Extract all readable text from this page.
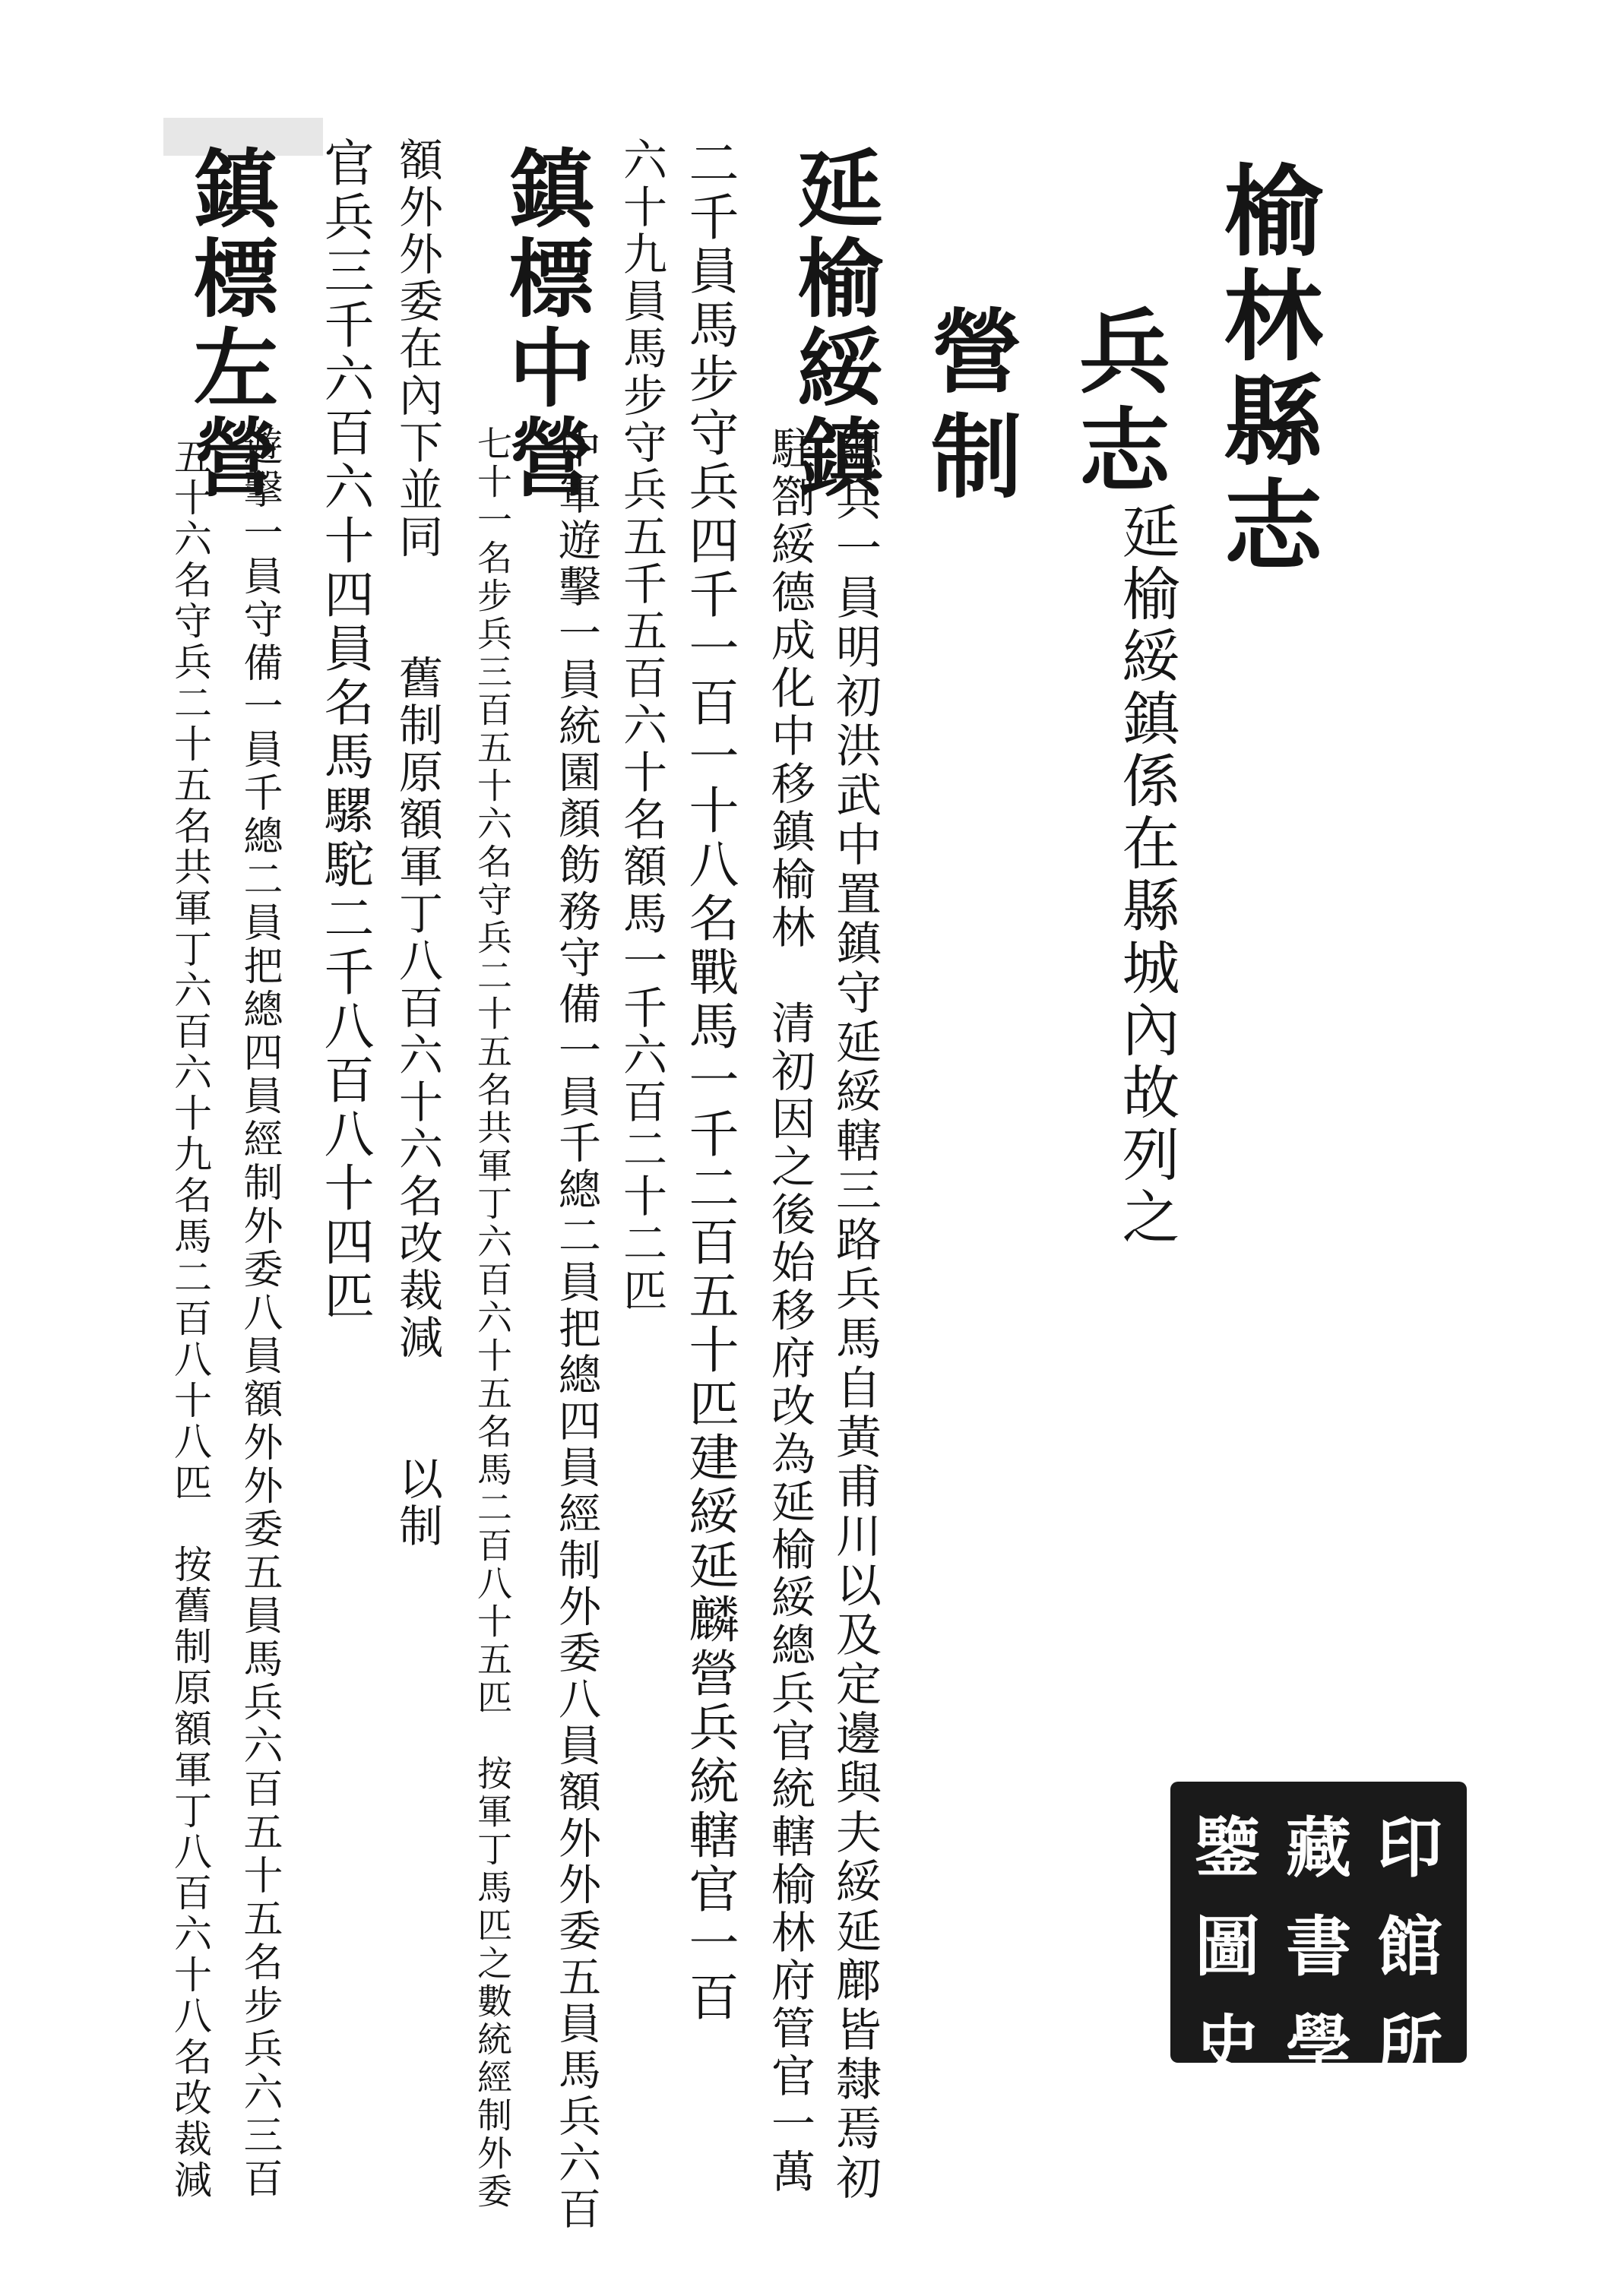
榆林縣志
兵志
營制
延榆綏鎮係在縣城內故列之
延榆綏鎮
總兵一員明初洪武中置鎮守延綏轄三路兵馬自黃甫川以及定邊與夫綏延鄜皆隸焉初
駐劄綏德成化中移鎮榆林　清初因之後始移府改為延榆綏總兵官統轄榆林府管官一萬
二千員馬步守兵四千一百一十八名戰馬一千二百五十匹建綏延麟營兵統轄官一百
六十九員馬步守兵五千五百六十名額馬一千六百二十二匹
鎮標中營
中軍遊擊一員統園顏飭務守備一員千總二員把總四員經制外委八員額外外委五員馬兵六百
七十一名步兵三百五十六名守兵二十五名共軍丁六百六十五名馬二百八十五匹　按軍丁馬匹之數統經制外委
額外外委在內下並同　　舊制原額軍丁八百六十六名改裁減　　以制
官兵三千六百六十四員名馬騾駝二千八百八十四匹
鎮標左營
遊擊一員守備一員千總二員把總四員經制外委八員額外外委五員馬兵六百五十五名步兵六三百
五十六名守兵二十五名共軍丁六百六十九名馬二百八十八匹　按舊制原額軍丁八百六十八名改裁減	鑒 藏 印
圖 書 館
史 學 所
